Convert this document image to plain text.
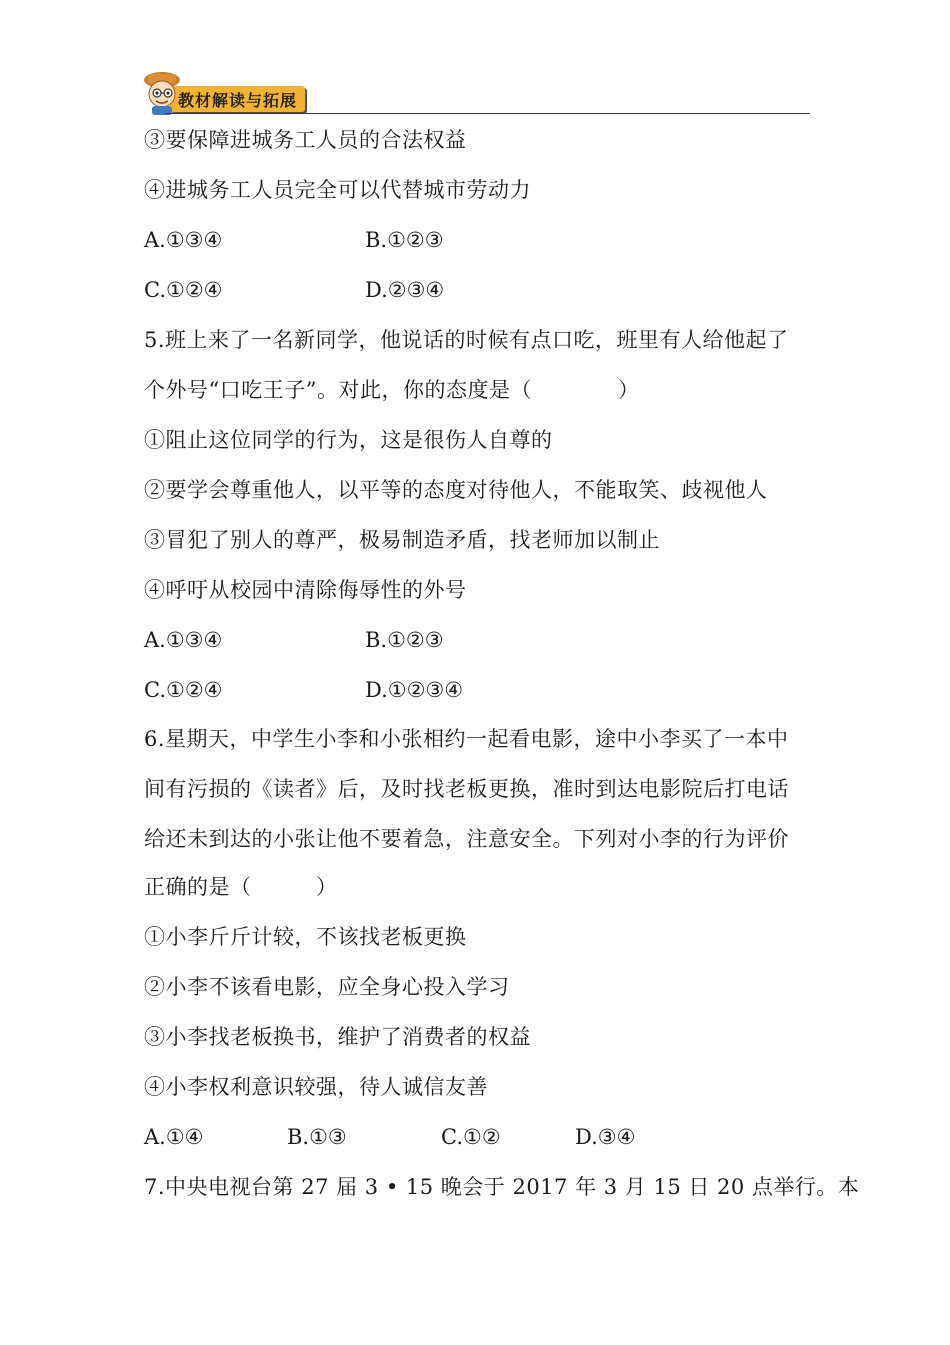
教材解读与拓展
③要保障进城务工人员的合法权益
④进城务工人员完全可以代替城市劳动力
A.①③④	B.①②③
C.①②④	D.②③④
5.班上来了一名新同学，他说话的时候有点口吃，班里有人给他起了
个外号“口吃王子”。对此，你的态度是（　　　　）
①阻止这位同学的行为，这是很伤人自尊的
②要学会尊重他人，以平等的态度对待他人，不能取笑、歧视他人
③冒犯了别人的尊严，极易制造矛盾，找老师加以制止
④呼吁从校园中清除侮辱性的外号
A.①③④	B.①②③
C.①②④	D.①②③④
6.星期天，中学生小李和小张相约一起看电影，途中小李买了一本中
间有污损的《读者》后，及时找老板更换，准时到达电影院后打电话
给还未到达的小张让他不要着急，注意安全。下列对小李的行为评价
正确的是（　　　）
①小李斤斤计较，不该找老板更换
②小李不该看电影，应全身心投入学习
③小李找老板换书，维护了消费者的权益
④小李权利意识较强，待人诚信友善
A.①④	B.①③	C.①②	D.③④
7.中央电视台第 27 届 3 • 15 晚会于 2017 年 3 月 15 日 20 点举行。本
